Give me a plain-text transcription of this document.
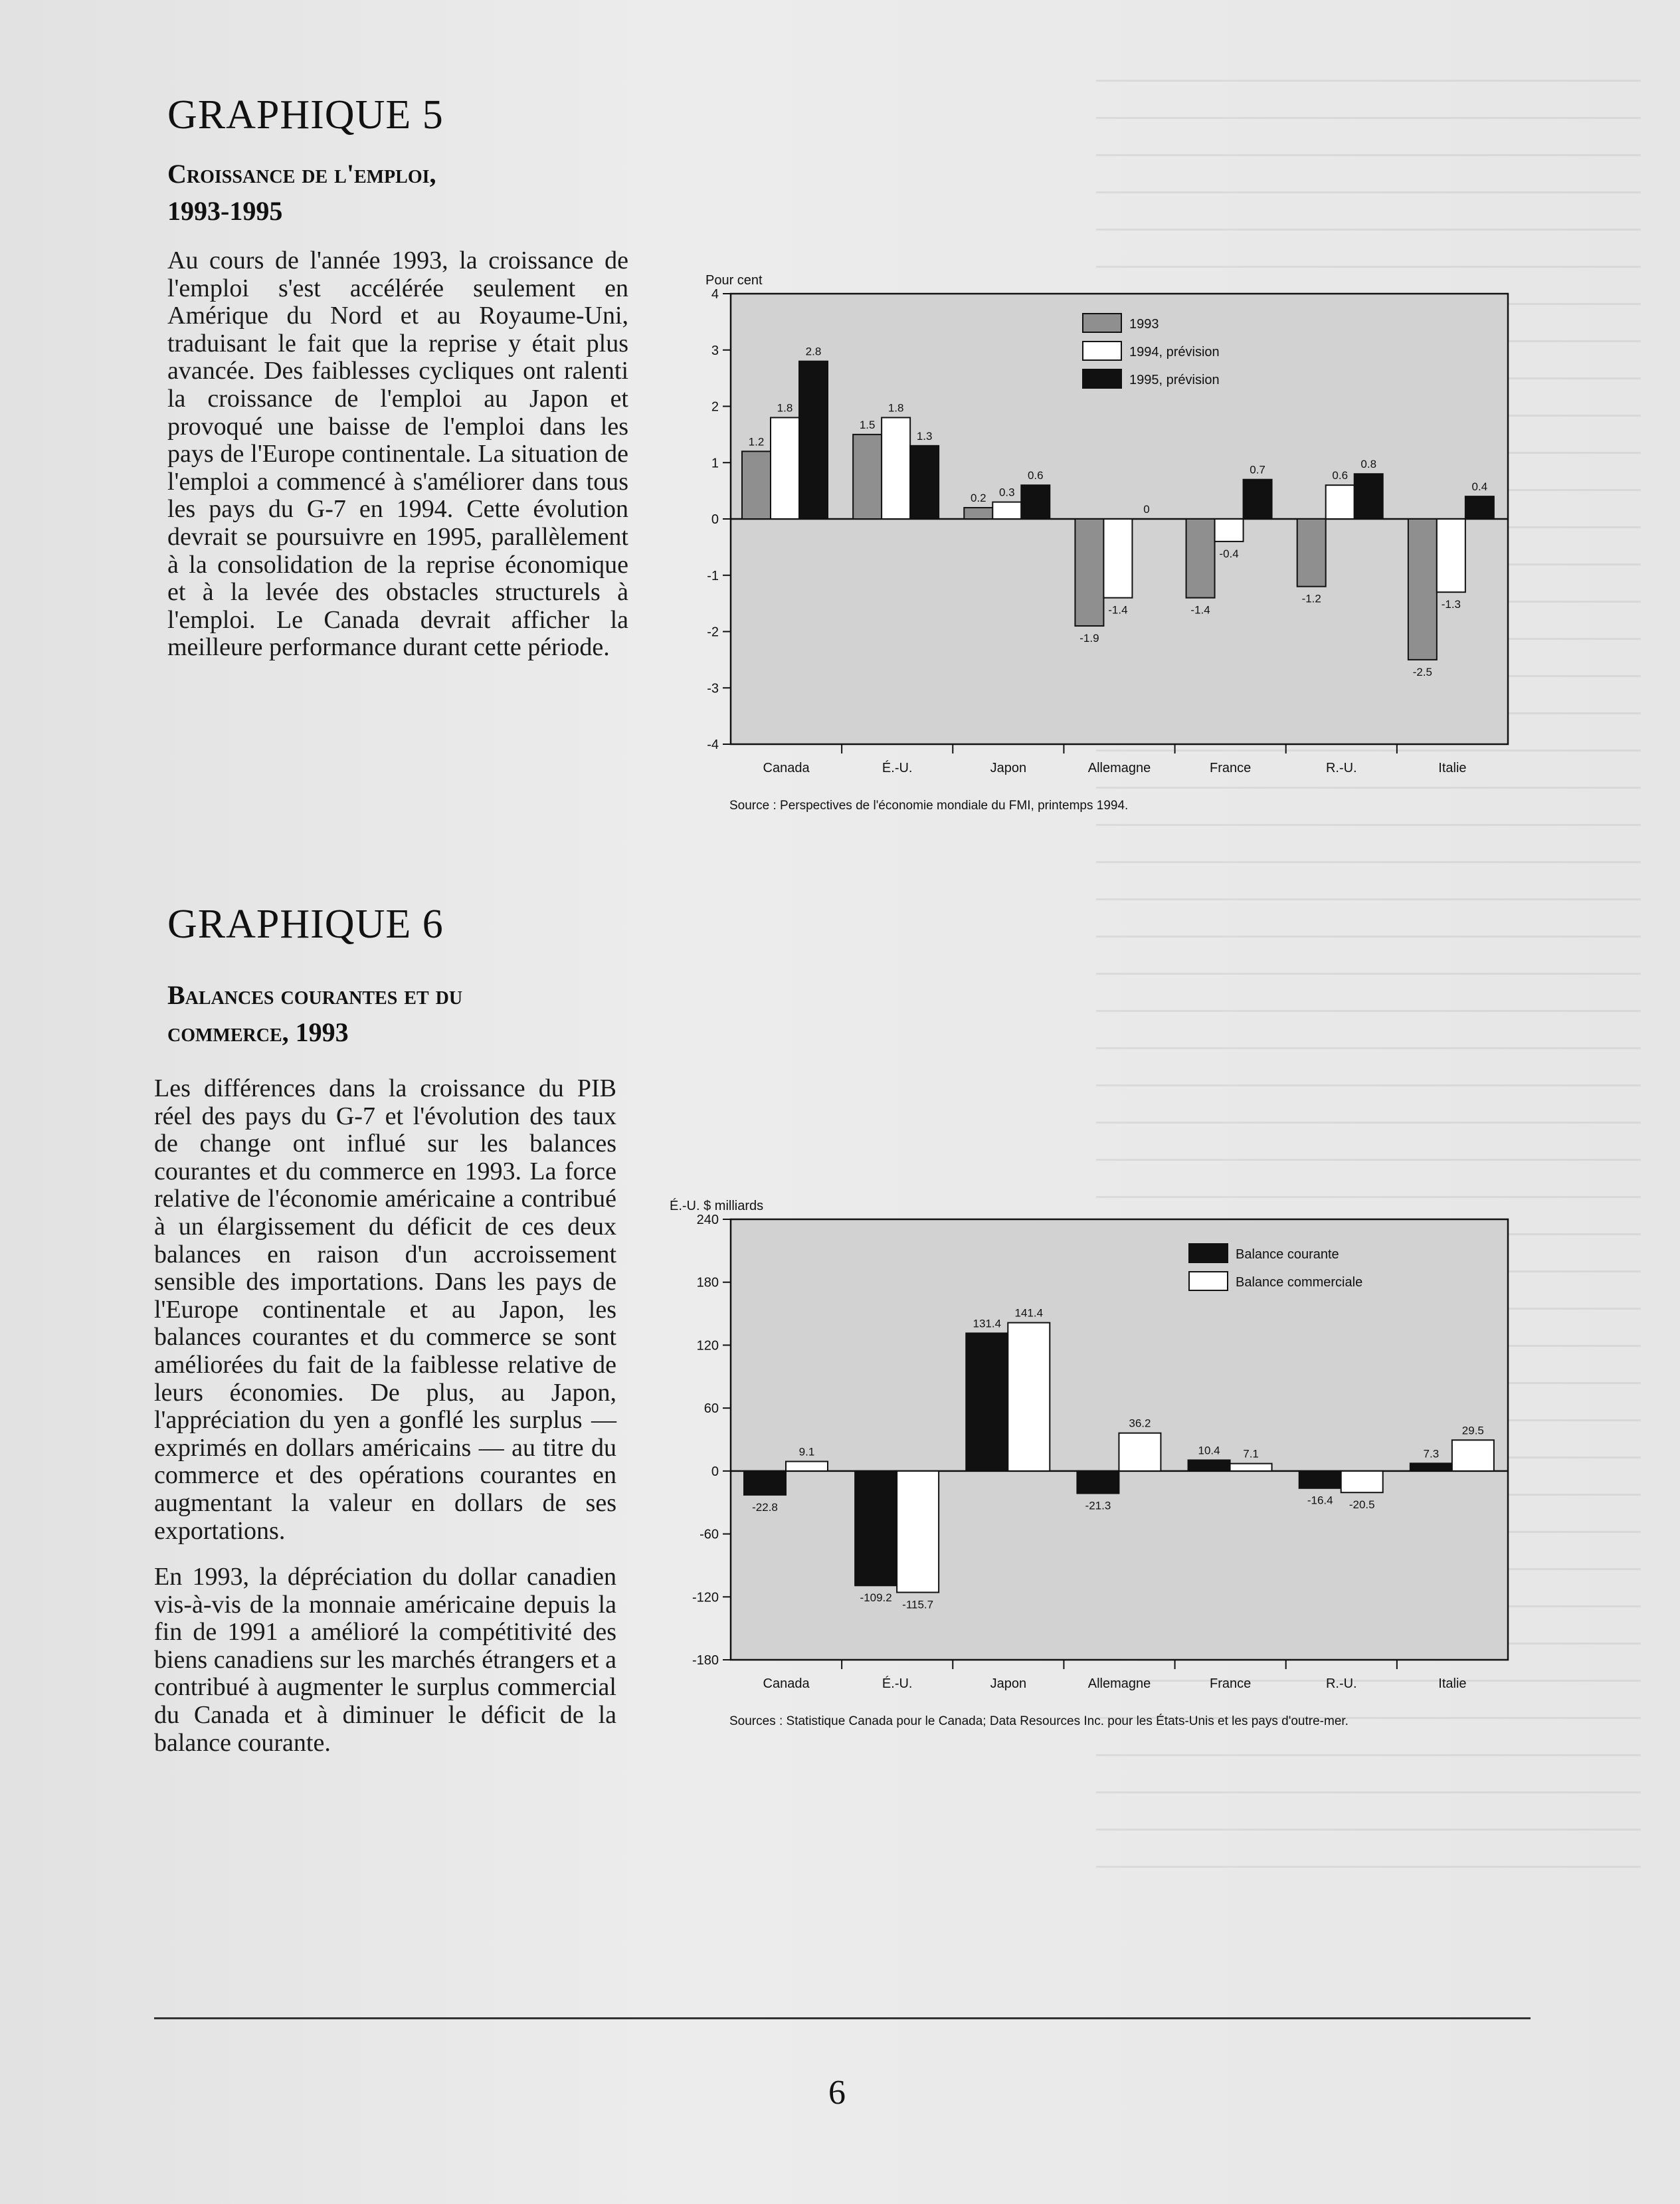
GRAPHIQUE 5
Croissance de l'emploi,
1993-1995

Au cours de l'année 1993, la croissance de l'emploi s'est accélérée seulement en Amérique du Nord et au Royaume-Uni, traduisant le fait que la reprise y était plus avancée. Des faiblesses cycliques ont ralenti la croissance de l'emploi au Japon et provoqué une baisse de l'emploi dans les pays de l'Europe continentale. La situation de l'emploi a commencé à s'améliorer dans tous les pays du G-7 en 1994. Cette évolution devrait se poursuivre en 1995, parallèlement à la consolidation de la reprise économique et à la levée des obstacles structurels à l'emploi. Le Canada devrait afficher la meilleure performance durant cette période.

-4
-3
-2
-1
0
1
2
3
4
Pour cent
Canada
1.2
1.8
2.8
É.-U.
1.5
1.8
1.3
Japon
0.2 0.3
0.6
Allemagne
-1.9
-1.4
0
France
-1.4
-0.4
0.7
R.-U.
-1.2
0.6
0.8
Italie
-2.5
-1.3
0.4
1993
1994, prévision
1995, prévision
Source : Perspectives de l'économie mondiale du FMI, printemps 1994.
GRAPHIQUE 6
Balances courantes et du
commerce, 1993

Les différences dans la croissance du PIB réel des pays du G-7 et l'évolution des taux de change ont influé sur les balances courantes et du commerce en 1993. La force relative de l'économie américaine a contribué à un élargissement du déficit de ces deux balances en raison d'un accroissement sensible des importations. Dans les pays de l'Europe continentale et au Japon, les balances courantes et du commerce se sont améliorées du fait de la faiblesse relative de leurs économies. De plus, au Japon, l'appréciation du yen a gonflé les surplus — exprimés en dollars américains — au titre du commerce et des opérations courantes en augmentant la valeur en dollars de ses exportations.

En 1993, la dépréciation du dollar canadien vis-à-vis de la monnaie américaine depuis la fin de 1991 a amélioré la compétitivité des biens canadiens sur les marchés étrangers et a contribué à augmenter le surplus commercial du Canada et à diminuer le déficit de la balance courante.

-180
-120
-60
0
60
120
180
240
É.-U. $ milliards
Canada
-22.8
9.1
É.-U.
-109.2
-115.7
Japon
131.4
141.4
Allemagne
-21.3
36.2
France
10.4 7.1
R.-U.
-16.4 -20.5
Italie
7.3
29.5
Balance courante
Balance commerciale
Sources : Statistique Canada pour le Canada; Data Resources Inc. pour les États-Unis et les pays d'outre-mer.
6
